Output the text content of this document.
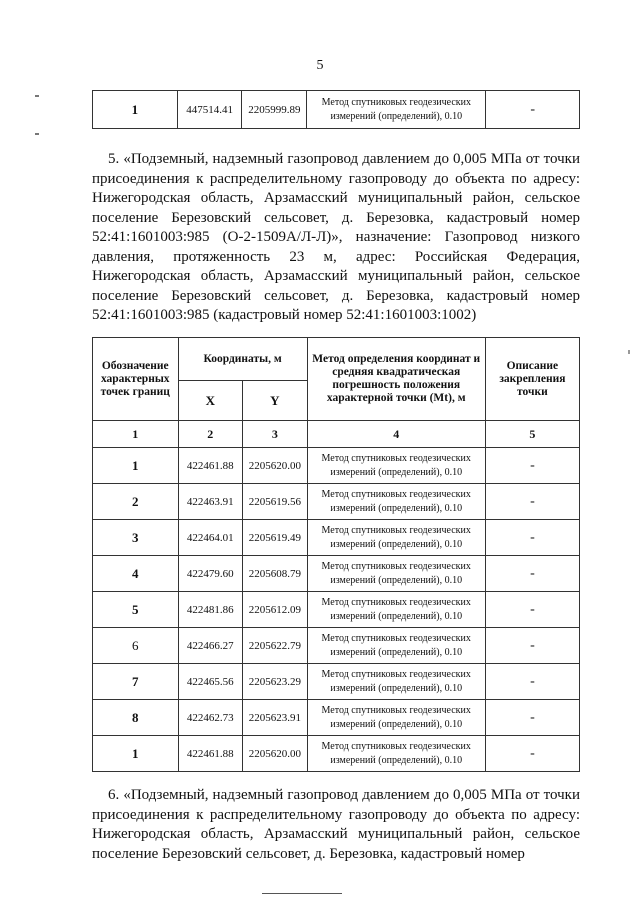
5
1	447514.41	2205999.89	Метод спутниковых геодезических измерений (определений), 0.10	-

5. «Подземный, надземный газопровод давлением до 0,005 МПа от точки присоединения к распределительному газопроводу до объекта по адресу: Нижегородская область, Арзамасский муниципальный район, сельское поселение Березовский сельсовет, д. Березовка, кадастровый номер 52:41:1601003:985 (О-2-1509А/Л-Л)», назначение: Газопровод низкого давления, протяженность 23 м, адрес: Российская Федерация, Нижегородская область, Арзамасский муниципальный район, сельское поселение Березовский сельсовет, д. Березовка, кадастровый номер 52:41:1601003:985 (кадастровый номер 52:41:1601003:1002)

Обозначение характерных точек границ	Координаты, м		Метод определения координат и средняя квадратическая погрешность положения характерной точки (Mt), м	Описание закрепления точки
	X	Y		
1	2	3	4	5
1	422461.88	2205620.00	Метод спутниковых геодезических измерений (определений), 0.10	-
2	422463.91	2205619.56	Метод спутниковых геодезических измерений (определений), 0.10	-
3	422464.01	2205619.49	Метод спутниковых геодезических измерений (определений), 0.10	-
4	422479.60	2205608.79	Метод спутниковых геодезических измерений (определений), 0.10	-
5	422481.86	2205612.09	Метод спутниковых геодезических измерений (определений), 0.10	-
6	422466.27	2205622.79	Метод спутниковых геодезических измерений (определений), 0.10	-
7	422465.56	2205623.29	Метод спутниковых геодезических измерений (определений), 0.10	-
8	422462.73	2205623.91	Метод спутниковых геодезических измерений (определений), 0.10	-
1	422461.88	2205620.00	Метод спутниковых геодезических измерений (определений), 0.10	-

6. «Подземный, надземный газопровод давлением до 0,005 МПа от точки присоединения к распределительному газопроводу до объекта по адресу: Нижегородская область, Арзамасский муниципальный район, сельское поселение Березовский сельсовет, д. Березовка, кадастровый номер
